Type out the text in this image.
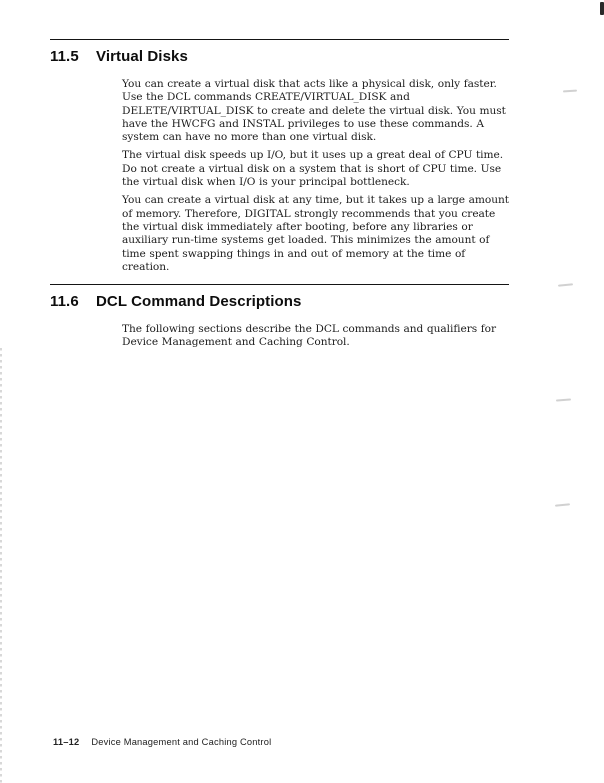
11.5	Virtual Disks

You can create a virtual disk that acts like a physical disk, only faster. Use the DCL commands CREATE/VIRTUAL_DISK and DELETE/VIRTUAL_DISK to create and delete the virtual disk. You must have the HWCFG and INSTAL privileges to use these commands. A system can have no more than one virtual disk.

The virtual disk speeds up I/O, but it uses up a great deal of CPU time. Do not create a virtual disk on a system that is short of CPU time. Use the virtual disk when I/O is your principal bottleneck.

You can create a virtual disk at any time, but it takes up a large amount of memory. Therefore, DIGITAL strongly recommends that you create the virtual disk immediately after booting, before any libraries or auxiliary run-time systems get loaded. This minimizes the amount of time spent swapping things in and out of memory at the time of creation.

11.6	DCL Command Descriptions

The following sections describe the DCL commands and qualifiers for Device Management and Caching Control.

11–12 Device Management and Caching Control
